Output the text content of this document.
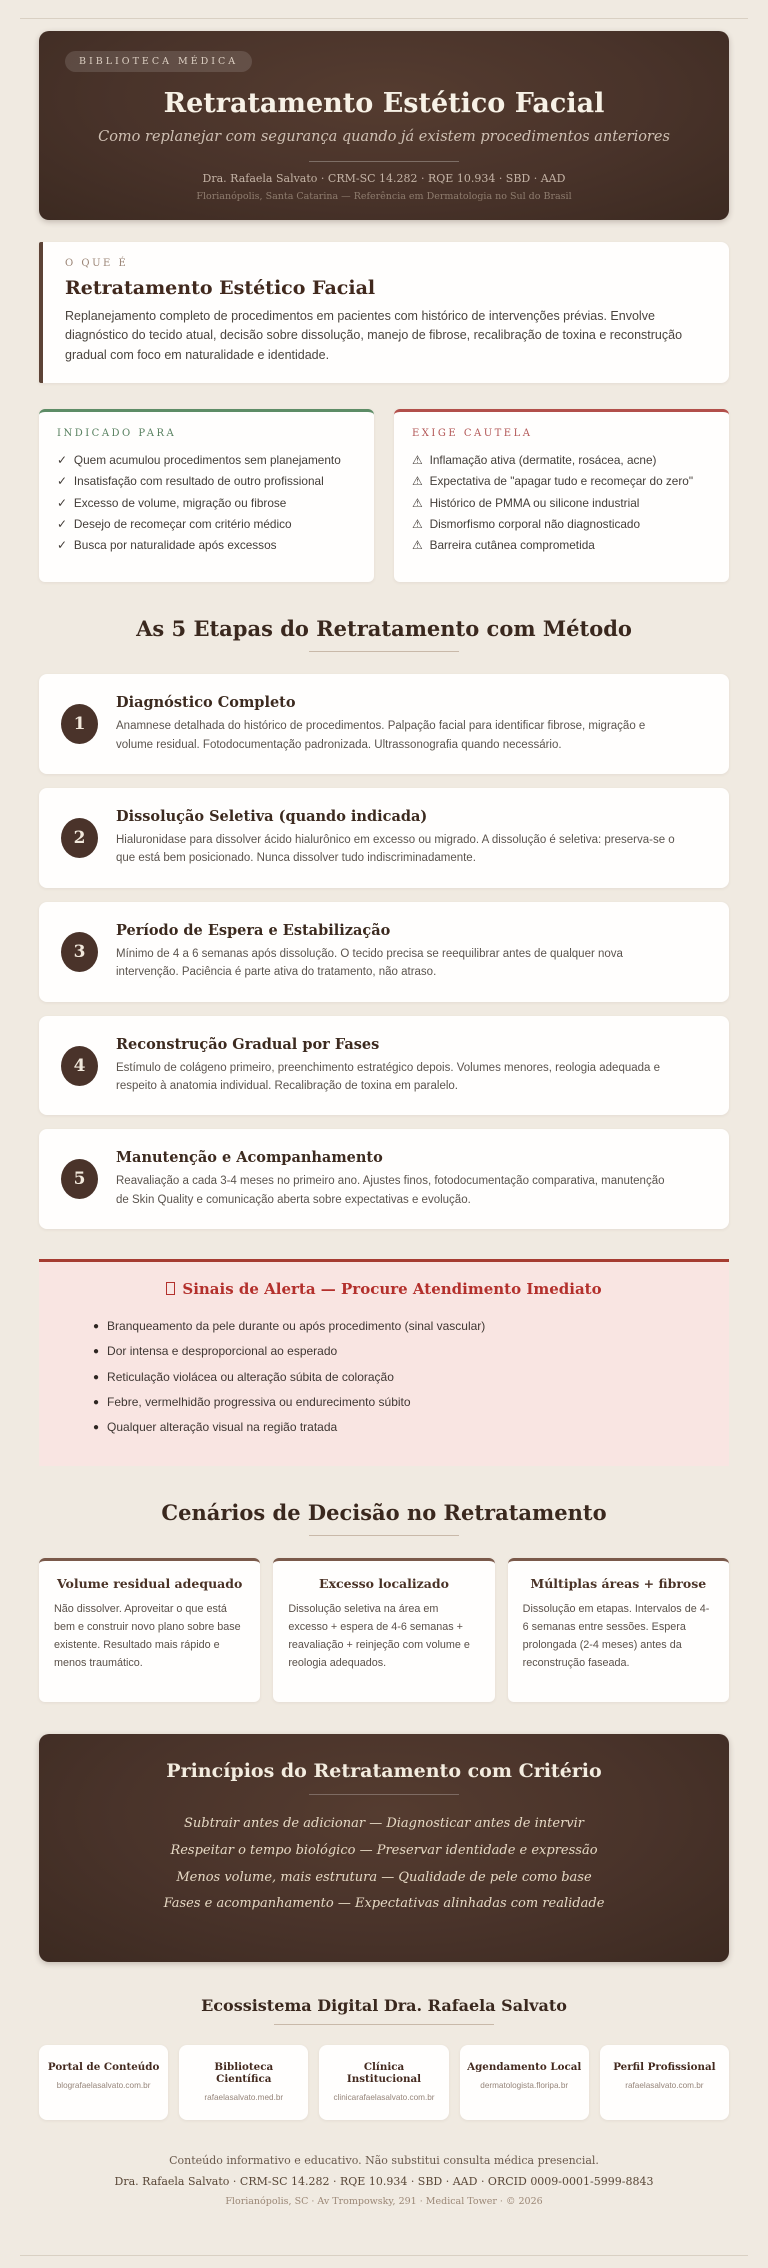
BIBLIOTECA MÉDICA
Retratamento Estético Facial
Como replanejar com segurança quando já existem procedimentos anteriores
Dra. Rafaela Salvato · CRM-SC 14.282 · RQE 10.934 · SBD · AAD
Florianópolis, Santa Catarina — Referência em Dermatologia no Sul do Brasil
O QUE É
Retratamento Estético Facial

Replanejamento completo de procedimentos em pacientes com histórico de intervenções prévias. Envolve diagnóstico do tecido atual, decisão sobre dissolução, manejo de fibrose, recalibração de toxina e reconstrução gradual com foco em naturalidade e identidade.

INDICADO PARA
✓ Quem acumulou procedimentos sem planejamento
✓ Insatisfação com resultado de outro profissional
✓ Excesso de volume, migração ou fibrose
✓ Desejo de recomeçar com critério médico
✓ Busca por naturalidade após excessos
EXIGE CAUTELA
⚠ Inflamação ativa (dermatite, rosácea, acne)
⚠ Expectativa de "apagar tudo e recomeçar do zero"
⚠ Histórico de PMMA ou silicone industrial
⚠ Dismorfismo corporal não diagnosticado
⚠ Barreira cutânea comprometida
As 5 Etapas do Retratamento com Método
1
Diagnóstico Completo
Anamnese detalhada do histórico de procedimentos. Palpação facial para identificar fibrose, migração e volume residual. Fotodocumentação padronizada. Ultrassonografia quando necessário.
2
Dissolução Seletiva (quando indicada)
Hialuronidase para dissolver ácido hialurônico em excesso ou migrado. A dissolução é seletiva: preserva-se o que está bem posicionado. Nunca dissolver tudo indiscriminadamente.
3
Período de Espera e Estabilização
Mínimo de 4 a 6 semanas após dissolução. O tecido precisa se reequilibrar antes de qualquer nova intervenção. Paciência é parte ativa do tratamento, não atraso.
4
Reconstrução Gradual por Fases
Estímulo de colágeno primeiro, preenchimento estratégico depois. Volumes menores, reologia adequada e respeito à anatomia individual. Recalibração de toxina em paralelo.
5
Manutenção e Acompanhamento
Reavaliação a cada 3-4 meses no primeiro ano. Ajustes finos, fotodocumentação comparativa, manutenção de Skin Quality e comunicação aberta sobre expectativas e evolução.
Sinais de Alerta — Procure Atendimento Imediato
● Branqueamento da pele durante ou após procedimento (sinal vascular)
● Dor intensa e desproporcional ao esperado
● Reticulação violácea ou alteração súbita de coloração
● Febre, vermelhidão progressiva ou endurecimento súbito
● Qualquer alteração visual na região tratada
Cenários de Decisão no Retratamento
Volume residual adequado
Não dissolver. Aproveitar o que está bem e construir novo plano sobre base existente. Resultado mais rápido e menos traumático.
Excesso localizado
Dissolução seletiva na área em excesso + espera de 4-6 semanas + reavaliação + reinjeção com volume e reologia adequados.
Múltiplas áreas + fibrose
Dissolução em etapas. Intervalos de 4-6 semanas entre sessões. Espera prolongada (2-4 meses) antes da reconstrução faseada.
Princípios do Retratamento com Critério
Subtrair antes de adicionar — Diagnosticar antes de intervir
Respeitar o tempo biológico — Preservar identidade e expressão
Menos volume, mais estrutura — Qualidade de pele como base
Fases e acompanhamento — Expectativas alinhadas com realidade
Ecossistema Digital Dra. Rafaela Salvato
Portal de Conteúdo
blografaelasalvato.com.br
Biblioteca Científica
rafaelasalvato.med.br
Clínica Institucional
clinicarafaelasalvato.com.br
Agendamento Local
dermatologista.floripa.br
Perfil Profissional
rafaelasalvato.com.br
Conteúdo informativo e educativo. Não substitui consulta médica presencial.
Dra. Rafaela Salvato · CRM-SC 14.282 · RQE 10.934 · SBD · AAD · ORCID 0009-0001-5999-8843
Florianópolis, SC · Av Trompowsky, 291 · Medical Tower · © 2026
